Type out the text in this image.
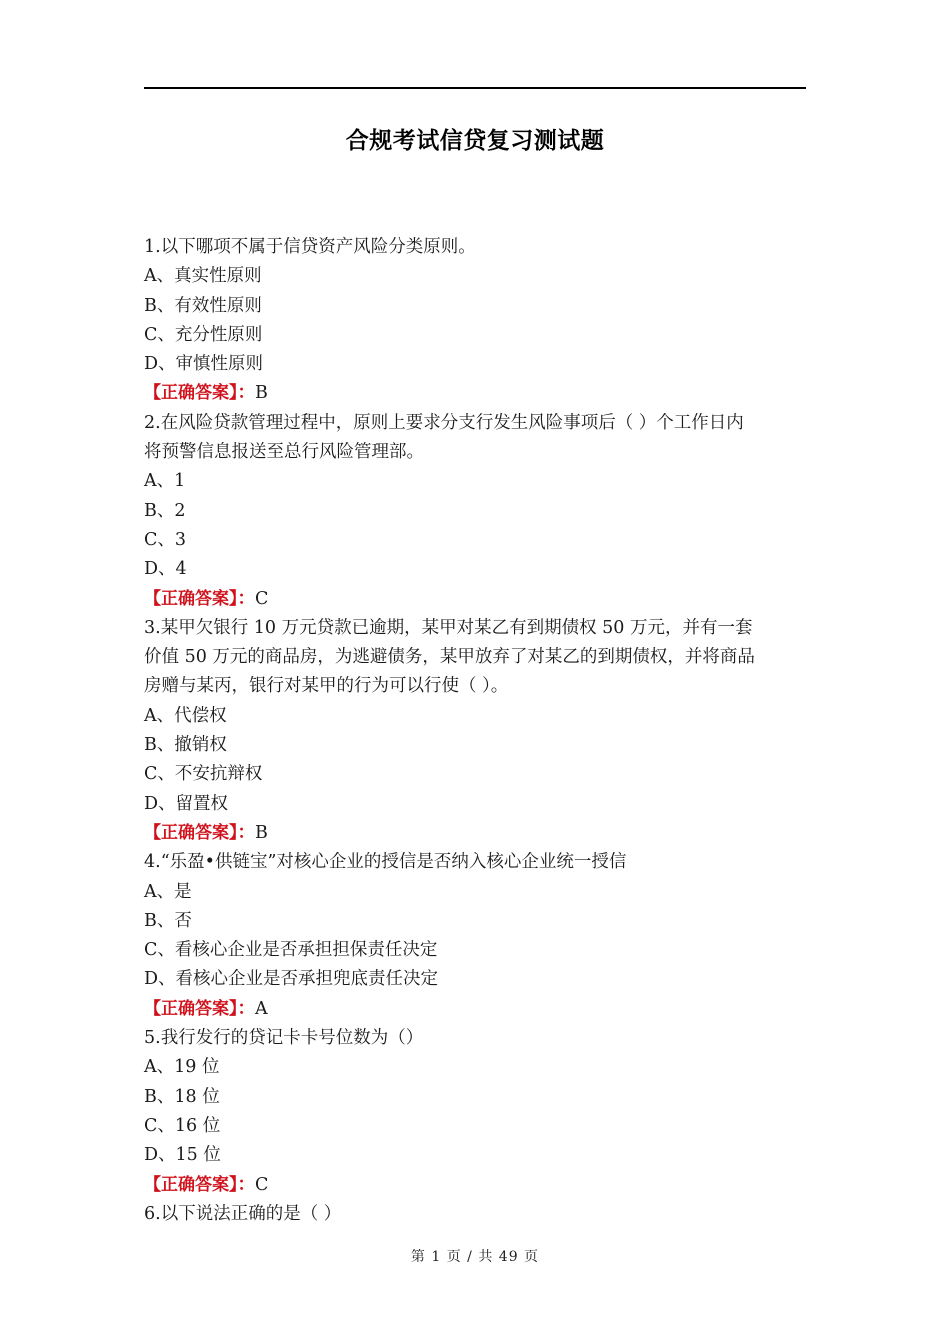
合规考试信贷复习测试题
1.以下哪项不属于信贷资产风险分类原则。
A、真实性原则
B、有效性原则
C、充分性原则
D、审慎性原则
【正确答案】：B
2.在风险贷款管理过程中，原则上要求分支行发生风险事项后（ ）个工作日内
将预警信息报送至总行风险管理部。
A、1
B、2
C、3
D、4
【正确答案】：C
3.某甲欠银行 10 万元贷款已逾期，某甲对某乙有到期债权 50 万元，并有一套
价值 50 万元的商品房，为逃避债务，某甲放弃了对某乙的到期债权，并将商品
房赠与某丙，银行对某甲的行为可以行使（ ）。
A、代偿权
B、撤销权
C、不安抗辩权
D、留置权
【正确答案】：B
4.“乐盈•供链宝”对核心企业的授信是否纳入核心企业统一授信
A、是
B、否
C、看核心企业是否承担担保责任决定
D、看核心企业是否承担兜底责任决定
【正确答案】：A
5.我行发行的贷记卡卡号位数为（）
A、19 位
B、18 位
C、16 位
D、15 位
【正确答案】：C
6.以下说法正确的是（ ）
第 1 页 / 共 49 页
